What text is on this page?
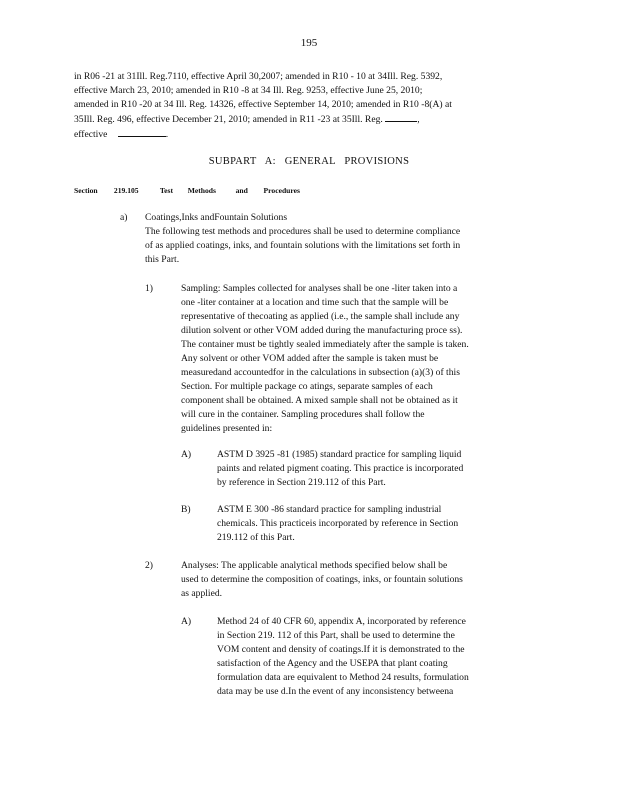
195

in R06 -21 at 31Ill. Reg.7110, effective April 30,2007; amended in R10 - 10 at 34Ill. Reg. 5392,

effective March 23, 2010; amended in R10 -8 at 34 Ill. Reg. 9253, effective June 25, 2010;

amended in R10 -20 at 34 Ill. Reg. 14326, effective September 14, 2010; amended in R10 -8(A) at

35Ill. Reg. 496, effective December 21, 2010; amended in R11 -23 at 35Ill. Reg.	,

effective	.

SUBPART A: GENERAL PROVISIONS
Section 219.105	Test Methods	and Procedures
a) Coatings,Inks andFountain Solutions

The following test methods and procedures shall be used to determine compliance

of as applied coatings, inks, and fountain solutions with the limitations set forth in

this Part.

1)	Sampling: Samples collected for analyses shall be one -liter taken into a

one -liter container at a location and time such that the sample will be

representative of thecoating as applied (i.e., the sample shall include any

dilution solvent or other VOM added during the manufacturing proce ss).

The container must be tightly sealed immediately after the sample is taken.

Any solvent or other VOM added after the sample is taken must be

measuredand accountedfor in the calculations in subsection (a)(3) of this

Section. For multiple package co atings, separate samples of each

component shall be obtained. A mixed sample shall not be obtained as it

will cure in the container. Sampling procedures shall follow the

guidelines presented in:

A)	ASTM D 3925 -81 (1985) standard practice for sampling liquid

paints and related pigment coating. This practice is incorporated

by reference in Section 219.112 of this Part.

B)	ASTM E 300 -86 standard practice for sampling industrial

chemicals. This practiceis incorporated by reference in Section

219.112 of this Part.

2)	Analyses: The applicable analytical methods specified below shall be

used to determine the composition of coatings, inks, or fountain solutions

as applied.

A)	Method 24 of 40 CFR 60, appendix A, incorporated by reference

in Section 219. 112 of this Part, shall be used to determine the

VOM content and density of coatings.If it is demonstrated to the

satisfaction of the Agency and the USEPA that plant coating

formulation data are equivalent to Method 24 results, formulation

data may be use d.In the event of any inconsistency betweena
